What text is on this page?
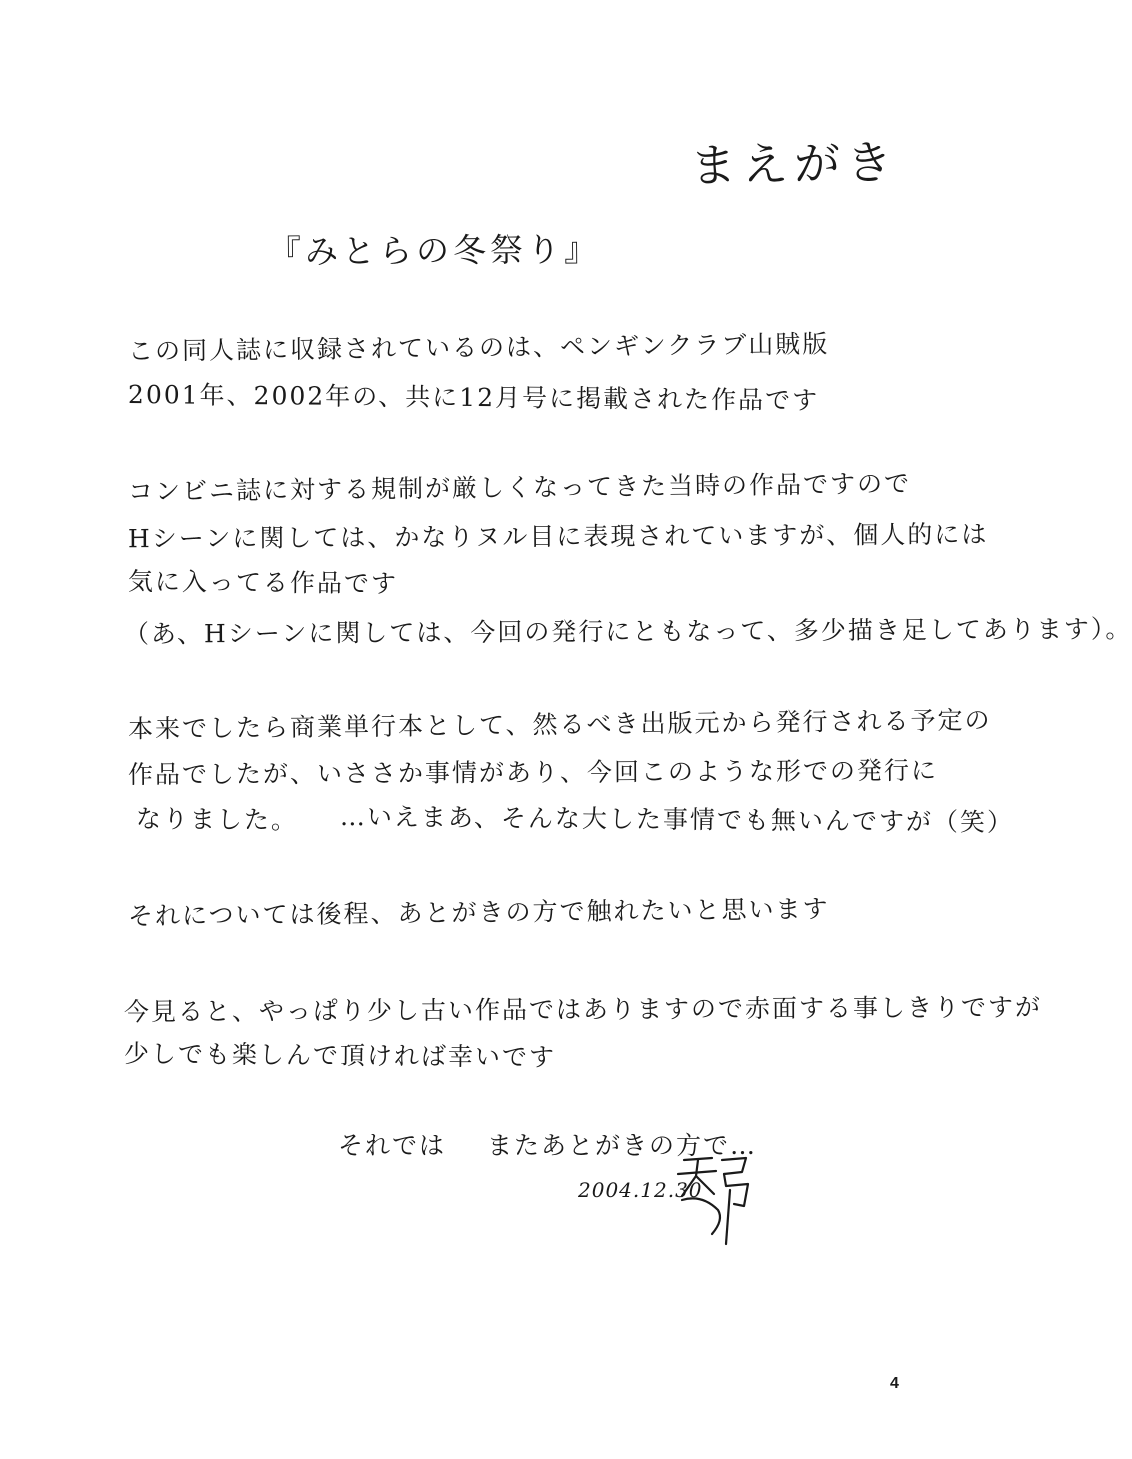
まえがき
『みとらの冬祭り』
この同人誌に収録されているのは、ペンギンクラブ山賊版
2001年、2002年の、共に12月号に掲載された作品です
コンビニ誌に対する規制が厳しくなってきた当時の作品ですので
Hシーンに関しては、かなりヌル目に表現されていますが、個人的には
気に入ってる作品です
（あ、Hシーンに関しては、今回の発行にともなって、多少描き足してあります）。
本来でしたら商業単行本として、然るべき出版元から発行される予定の
作品でしたが、いささか事情があり、今回このような形での発行に
なりました。 …いえまあ、そんな大した事情でも無いんですが（笑）
それについては後程、あとがきの方で触れたいと思います
今見ると、やっぱり少し古い作品ではありますので赤面する事しきりですが
少しでも楽しんで頂ければ幸いです
それでは またあとがきの方で…
2004.12.30
4
